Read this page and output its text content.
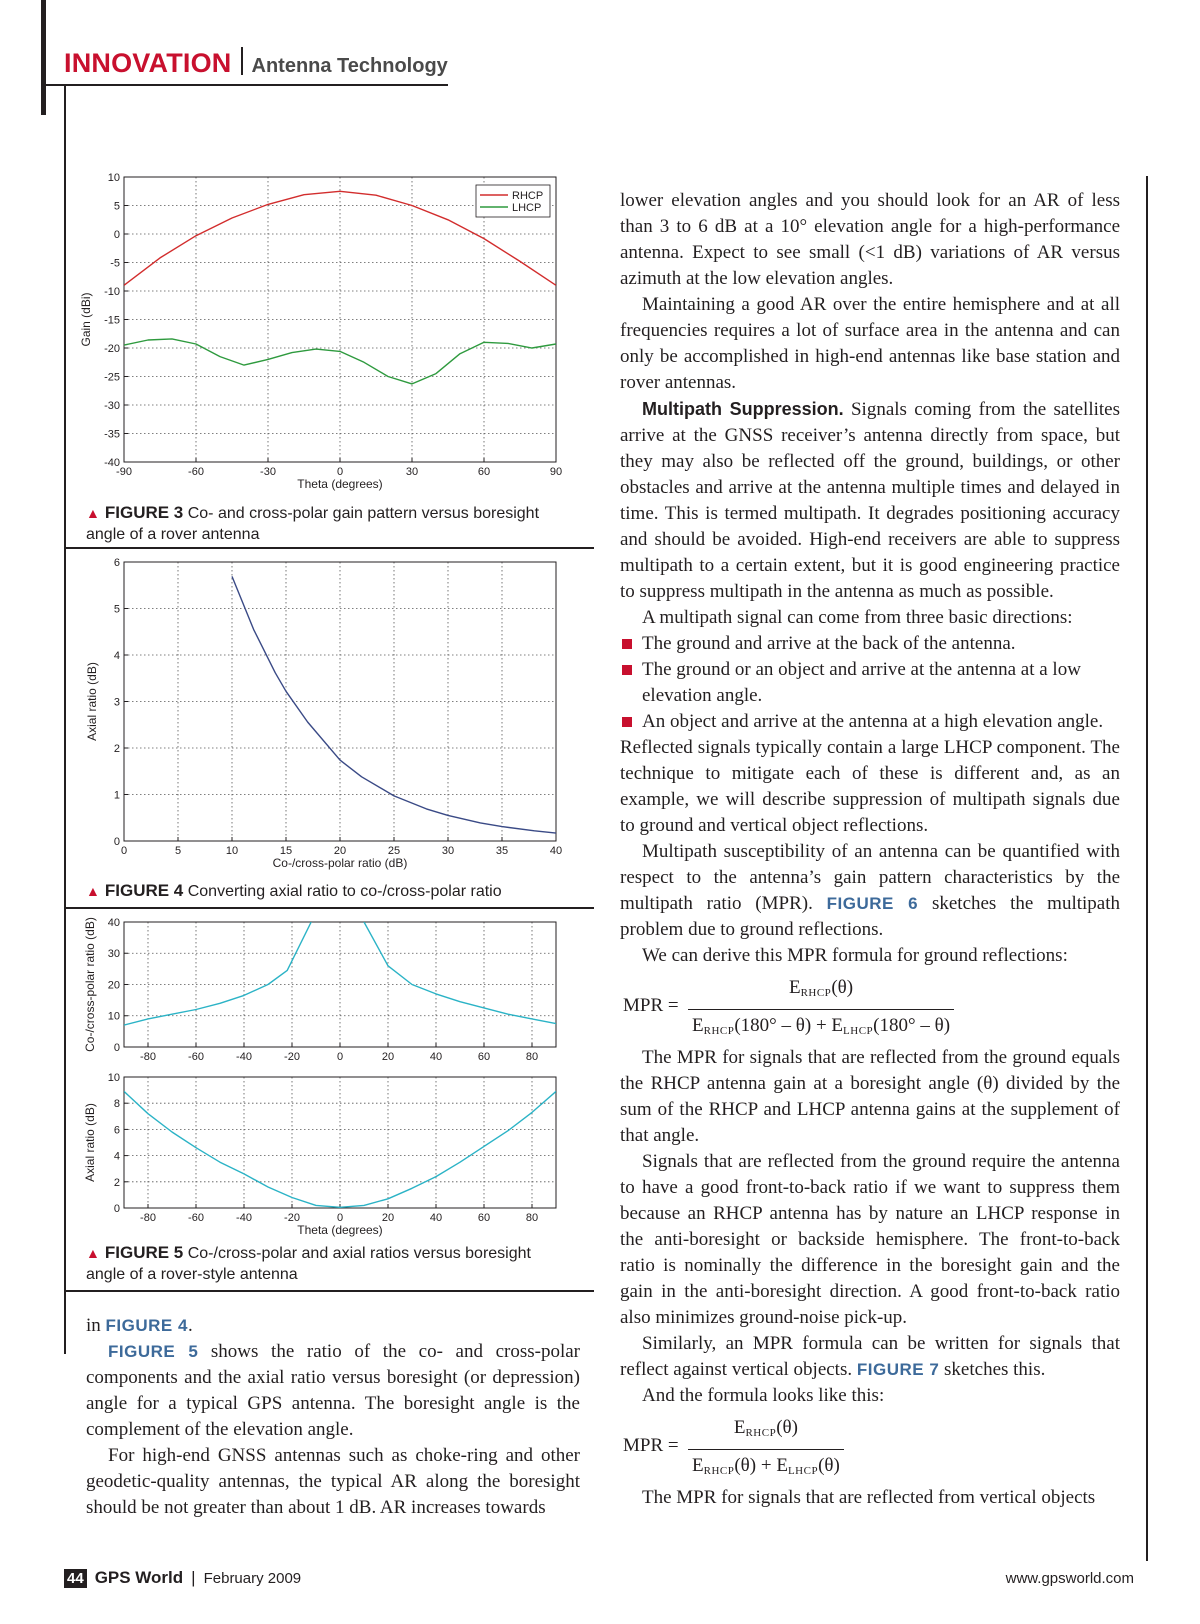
INNOVATION Antenna Technology
-90	-60	-30	0	30	60	90
-40
-35
-30
-25
-20
-15
-10
-5
0
5
10
Theta (degrees)
Gain (dBi)
RHCP
LHCP
▲ FIGURE 3 Co- and cross-polar gain pattern versus boresight angle of a rover antenna
0	5	10	15	20	25	30	35	40
0
1
2
3
4
5
6
Co-/cross-polar ratio (dB)
Axial ratio (dB)
▲ FIGURE 4 Converting axial ratio to co-/cross-polar ratio
-80	-60	-40	-20	0	20	40	60	80
0
10
20
30
40
Co-/cross-polar ratio (dB)
-80	-60	-40	-20	0	20	40	60	80
0
2
4
6
8
10
Theta (degrees)
Axial ratio (dB)
▲ FIGURE 5 Co-/cross-polar and axial ratios versus boresight angle of a rover-style antenna

in FIGURE 4.

FIGURE 5 shows the ratio of the co- and cross-polar components and the axial ratio versus boresight (or depression) angle for a typical GPS antenna. The boresight angle is the complement of the elevation angle.

For high-end GNSS antennas such as choke-ring and other geodetic-quality antennas, the typical AR along the boresight should be not greater than about 1 dB. AR increases towards

lower elevation angles and you should look for an AR of less than 3 to 6 dB at a 10° elevation angle for a high-performance antenna. Expect to see small (<1 dB) variations of AR versus azimuth at the low elevation angles.

Maintaining a good AR over the entire hemisphere and at all frequencies requires a lot of surface area in the antenna and can only be accomplished in high-end antennas like base station and rover antennas.

Multipath Suppression. Signals coming from the satellites arrive at the GNSS receiver’s antenna directly from space, but they may also be reflected off the ground, buildings, or other obstacles and arrive at the antenna multiple times and delayed in time. This is termed multipath. It degrades positioning accuracy and should be avoided. High-end receivers are able to suppress multipath to a certain extent, but it is good engineering practice to suppress multipath in the antenna as much as possible.

A multipath signal can come from three basic directions:

The ground and arrive at the back of the antenna.
The ground or an object and arrive at the antenna at a low elevation angle.
An object and arrive at the antenna at a high elevation angle.

Reflected signals typically contain a large LHCP component. The technique to mitigate each of these is different and, as an example, we will describe suppression of multipath signals due to ground and vertical object reflections.

Multipath susceptibility of an antenna can be quantified with respect to the antenna’s gain pattern characteristics by the multipath ratio (MPR). FIGURE 6 sketches the multipath problem due to ground reflections.

We can derive this MPR formula for ground reflections:

MPR =
$E_{RHCP}(\theta)$
$E_{RHCP}(180^\circ - \theta) + E_{LHCP}(180^\circ - \theta)$

The MPR for signals that are reflected from the ground equals the RHCP antenna gain at a boresight angle (θ) divided by the sum of the RHCP and LHCP antenna gains at the supplement of that angle.

Signals that are reflected from the ground require the antenna to have a good front-to-back ratio if we want to suppress them because an RHCP antenna has by nature an LHCP response in the anti-boresight or backside hemisphere. The front-to-back ratio is nominally the difference in the boresight gain and the gain in the anti-boresight direction. A good front-to-back ratio also minimizes ground-noise pick-up.

Similarly, an MPR formula can be written for signals that reflect against vertical objects. FIGURE 7 sketches this.

And the formula looks like this:

MPR =
$E_{RHCP}(\theta)$
$E_{RHCP}(\theta) + E_{LHCP}(\theta)$

The MPR for signals that are reflected from vertical objects

44 GPS World | February 2009	www.gpsworld.com
